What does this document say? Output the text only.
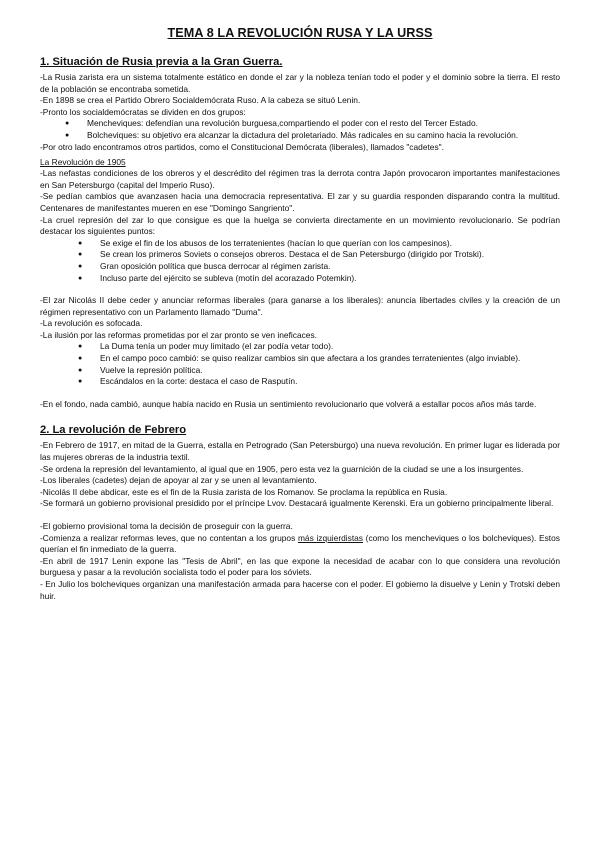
TEMA 8 LA REVOLUCIÓN RUSA Y LA URSS
1. Situación de Rusia previa a la Gran Guerra.

-La Rusia zarista era un sistema totalmente estático en donde el zar y la nobleza tenían todo el poder y el dominio sobre la tierra. El resto de la población se encontraba sometida.

-En 1898 se crea el Partido Obrero Socialdemócrata Ruso. A la cabeza se situó Lenin.

-Pronto los socialdemócratas se dividen en dos grupos:

● Mencheviques: defendían una revolución burguesa,compartiendo el poder con el resto del Tercer Estado.
● Bolcheviques: su objetivo era alcanzar la dictadura del proletariado. Más radicales en su camino hacia la revolución.

-Por otro lado encontramos otros partidos, como el Constitucional Demócrata (liberales), llamados "cadetes".

La Revolución de 1905

-Las nefastas condiciones de los obreros y el descrédito del régimen tras la derrota contra Japón provocaron importantes manifestaciones en San Petersburgo (capital del Imperio Ruso).

-Se pedían cambios que avanzasen hacia una democracia representativa. El zar y su guardia responden disparando contra la multitud. Centenares de manifestantes mueren en ese "Domingo Sangriento".

-La cruel represión del zar lo que consigue es que la huelga se convierta directamente en un movimiento revolucionario. Se podrían destacar los siguientes puntos:

● Se exige el fin de los abusos de los terratenientes (hacían lo que querían con los campesinos).
● Se crean los primeros Soviets o consejos obreros. Destaca el de San Petersburgo (dirigido por Trotski).
● Gran oposición política que busca derrocar al régimen zarista.
● Incluso parte del ejército se subleva (motín del acorazado Potemkin).

-El zar Nicolás II debe ceder y anunciar reformas liberales (para ganarse a los liberales): anuncia libertades civiles y la creación de un régimen representativo con un Parlamento llamado "Duma".

-La revolución es sofocada.

-La ilusión por las reformas prometidas por el zar pronto se ven ineficaces.

● La Duma tenía un poder muy limitado (el zar podía vetar todo).
● En el campo poco cambió: se quiso realizar cambios sin que afectara a los grandes terratenientes (algo inviable).
● Vuelve la represión política.
● Escándalos en la corte: destaca el caso de Rasputín.

-En el fondo, nada cambió, aunque había nacido en Rusia un sentimiento revolucionario que volverá a estallar pocos años más tarde.

2. La revolución de Febrero

-En Febrero de 1917, en mitad de la Guerra, estalla en Petrogrado (San Petersburgo) una nueva revolución. En primer lugar es liderada por las mujeres obreras de la industria textil.

-Se ordena la represión del levantamiento, al igual que en 1905, pero esta vez la guarnición de la ciudad se une a los insurgentes.

-Los liberales (cadetes) dejan de apoyar al zar y se unen al levantamiento.

-Nicolás II debe abdicar, este es el fin de la Rusia zarista de los Romanov. Se proclama la república en Rusia.

-Se formará un gobierno provisional presidido por el príncipe Lvov. Destacará igualmente Kerenski. Era un gobierno principalmente liberal.

-El gobierno provisional toma la decisión de proseguir con la guerra.

-Comienza a realizar reformas leves, que no contentan a los grupos más izquierdistas (como los mencheviques o los bolcheviques). Estos querían el fin inmediato de la guerra.

-En abril de 1917 Lenin expone las "Tesis de Abril", en las que expone la necesidad de acabar con lo que considera una revolución burguesa y pasar a la revolución socialista todo el poder para los sóviets.

- En Julio los bolcheviques organizan una manifestación armada para hacerse con el poder. El gobierno la disuelve y Lenin y Trotski deben huir.
